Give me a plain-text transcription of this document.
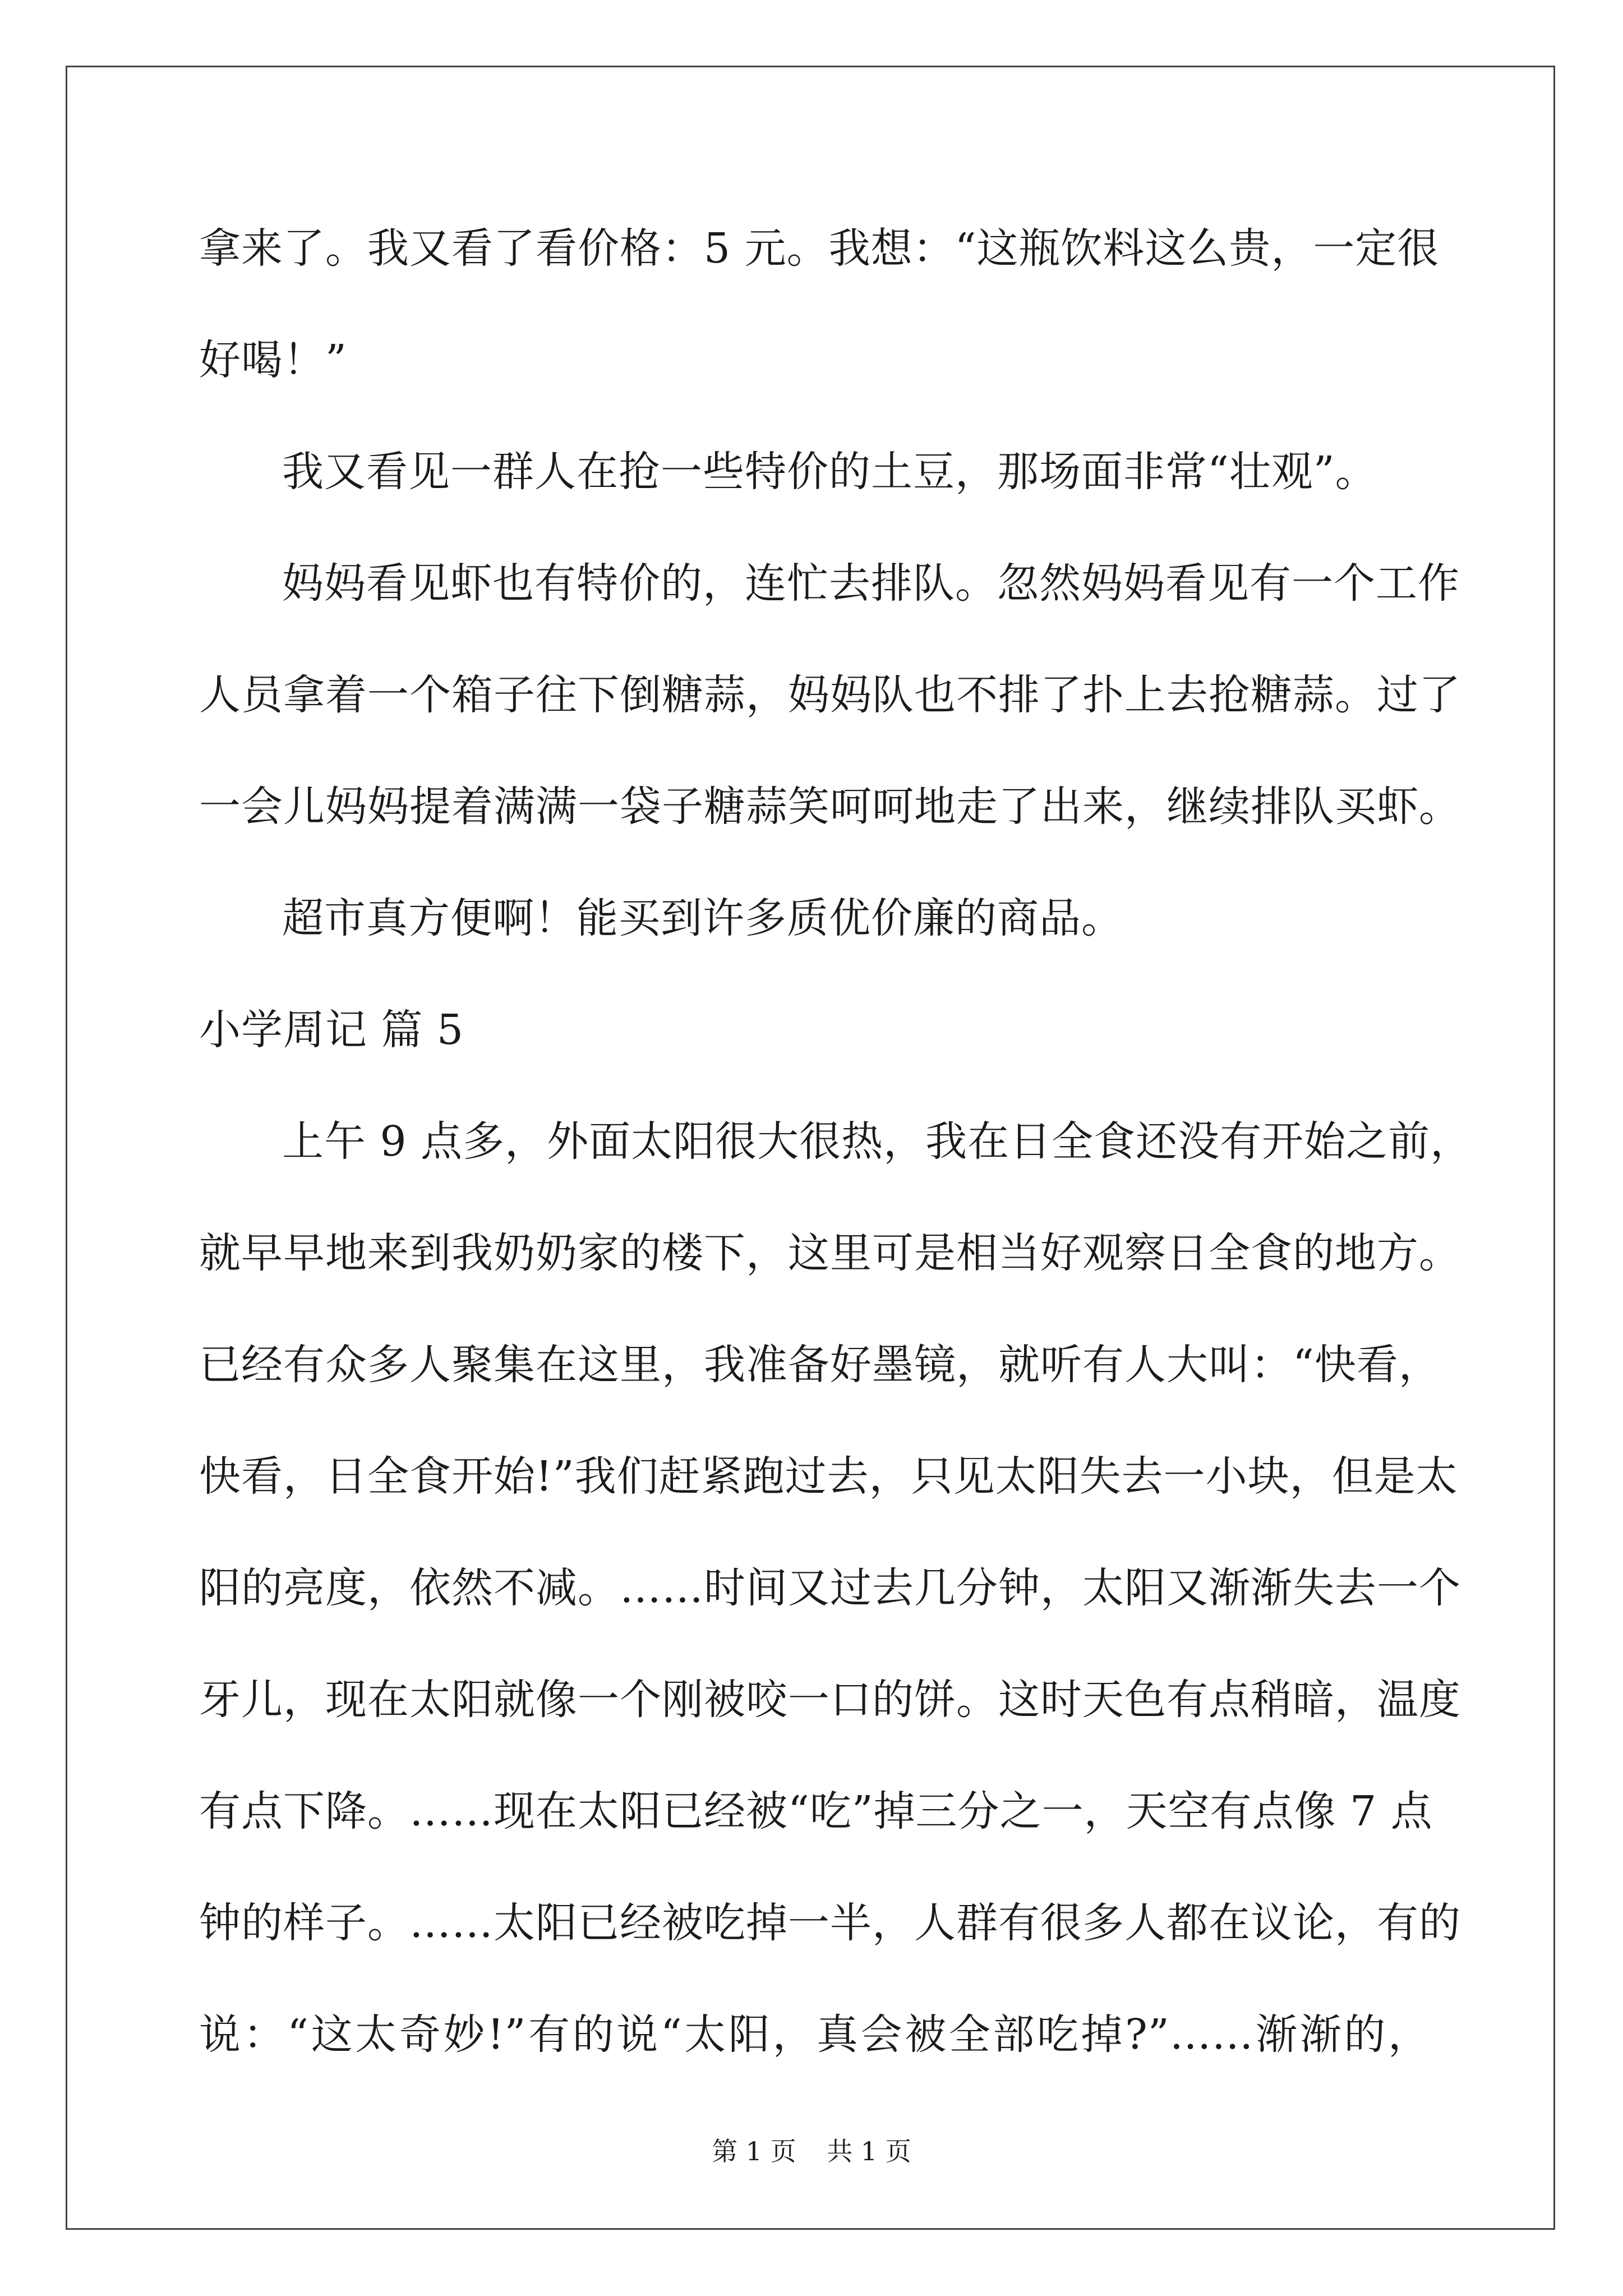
拿来了。我又看了看价格：5 元。我想：“这瓶饮料这么贵，一定很
好喝！”
我又看见一群人在抢一些特价的土豆，那场面非常“壮观”。
妈妈看见虾也有特价的，连忙去排队。忽然妈妈看见有一个工作
人员拿着一个箱子往下倒糖蒜，妈妈队也不排了扑上去抢糖蒜。过了
一会儿妈妈提着满满一袋子糖蒜笑呵呵地走了出来，继续排队买虾。
超市真方便啊！能买到许多质优价廉的商品。
小学周记 篇 5
上午 9 点多，外面太阳很大很热，我在日全食还没有开始之前，
就早早地来到我奶奶家的楼下，这里可是相当好观察日全食的地方。
已经有众多人聚集在这里，我准备好墨镜，就听有人大叫：“快看，
快看，日全食开始!”我们赶紧跑过去，只见太阳失去一小块，但是太
阳的亮度，依然不减。……时间又过去几分钟，太阳又渐渐失去一个
牙儿，现在太阳就像一个刚被咬一口的饼。这时天色有点稍暗，温度
有点下降。……现在太阳已经被“吃”掉三分之一，天空有点像 7 点
钟的样子。……太阳已经被吃掉一半，人群有很多人都在议论，有的
说：“这太奇妙!”有的说“太阳，真会被全部吃掉?”……渐渐的，
第 1 页 共 1 页
